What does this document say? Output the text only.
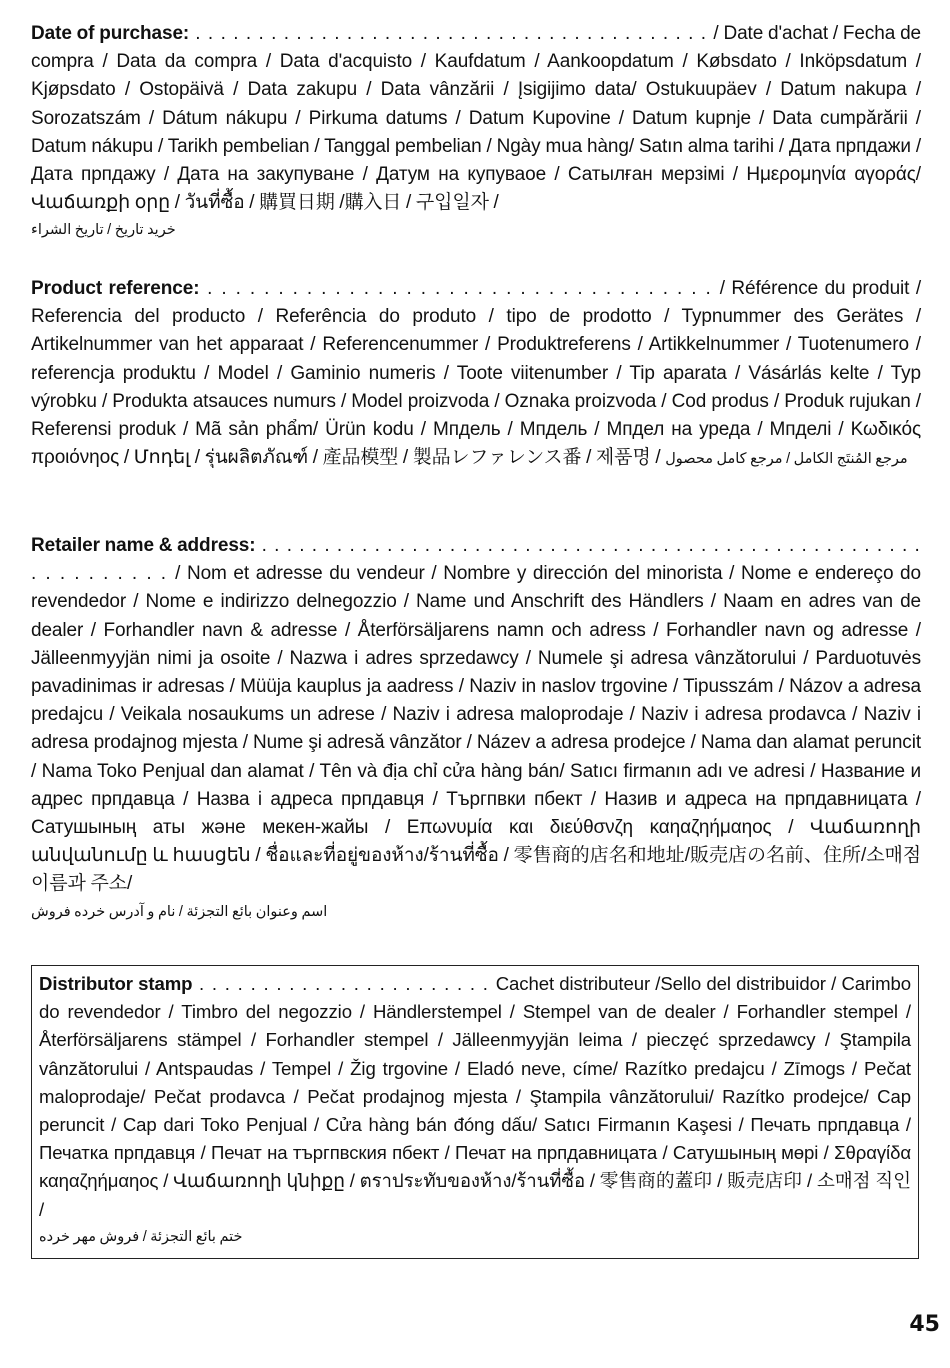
Date of purchase: . . . . . . . . . . . . . . . . . . . . . . . . . . . . . . . . . . . . . . . . . / Date d'achat / Fecha de compra / Data da compra / Data d'acquisto / Kaufdatum / Aankoopdatum / Købsdato / Inköpsdatum / Kjøpsdato / Ostopäivä / Data zakupu / Data vânzării / Įsigijimo data/ Ostukuupäev / Datum nakupa / Sorozatszám / Dátum nákupu / Pirkuma datums / Datum Kupovine / Datum kupnje / Data cumpărării / Datum nákupu / Tarikh pembelian / Tanggal pembelian / Ngày mua hàng/ Satın alma tarihi / Дата прпдажи / Дата прпдажу / Дата на закупуване / Датум на купуваое / Сатылған мерзімі / Ημερομηνία αγοράς/ Վաճառքի օրը / วันที่ซื้อ / 購買日期 /購入日 / 구입일자 /

خريد تاريخ / تاريخ الشراء

Product reference: . . . . . . . . . . . . . . . . . . . . . . . . . . . . . . . . . . . . / Référence du produit / Referencia del producto / Referência do produto / tipo de prodotto / Typnummer des Gerätes / Artikelnummer van het apparaat / Referencenummer / Produktreferens / Artikkelnummer / Tuotenumero / referencja produktu / Model / Gaminio numeris / Toote viitenumber / Tip aparata / Vásárlás kelte / Typ výrobku / Produkta atsauces numurs / Model proizvoda / Oznaka proizvoda / Cod produs / Produk rujukan / Referensi produk / Mã sản phẩm/ Ürün kodu / Мпдель / Мпдель / Мпдел на уреда / Мпделі / Κωδικός προιόνηος / Մոդել / รุ่นผลิตภัณฑ์ / 產品模型 / 製品レファレンス番 / 제품명 / مرجع المُنتَج الكامل / مرجع کامل محصول

Retailer name & address: . . . . . . . . . . . . . . . . . . . . . . . . . . . . . . . . . . . . . . . . . . . . . . . . . . . . . . . . . . . . . . . / Nom et adresse du vendeur / Nombre y dirección del minorista / Nome e endereço do revendedor / Nome e indirizzo delnegozzio / Name und Anschrift des Händlers / Naam en adres van de dealer / Forhandler navn & adresse / Återförsäljarens namn och adress / Forhandler navn og adresse / Jälleenmyyjän nimi ja osoite / Nazwa i adres sprzedawcy / Numele şi adresa vânzătorului / Parduotuvės pavadinimas ir adresas / Müüja kauplus ja aadress / Naziv in naslov trgovine / Tipusszám / Názov a adresa predajcu / Veikala nosaukums un adrese / Naziv i adresa maloprodaje / Naziv i adresa prodavca / Naziv i adresa prodajnog mjesta / Nume şi adresă vânzător / Název a adresa prodejce / Nama dan alamat peruncit / Nama Toko Penjual dan alamat / Tên và địa chỉ cửa hàng bán/ Satıcı firmanın adı ve adresi / Название и адрес прпдавца / Назва і адреса прпдавця / Търгпвки пбект / Назив и адреса на прпдавницата / Сатушының аты және мекен-жайы / Επωνυμία και διεύθσνζη καηαζηήμαηος / Վաճառողի անվանումը և հասցեն / ชื่อและที่อยู่ของห้าง/ร้านที่ซื้อ / 零售商的店名和地址/販売店の名前、住所/소매점 이름과 주소/

اسم وعنوان بائع التجزئة / نام و آدرس خرده فروش

Distributor stamp . . . . . . . . . . . . . . . . . . . . . . . Cachet distributeur /Sello del distribuidor / Carimbo do revendedor / Timbro del negozzio / Händlerstempel / Stempel van de dealer / Forhandler stempel / Återförsäljarens stämpel / Forhandler stempel / Jälleenmyyjän leima / pieczęć sprzedawcy / Ştampila vânzătorului / Antspaudas / Tempel / Žig trgovine / Eladó neve, címe/ Razítko predajcu / Zīmogs / Pečat maloprodaje/ Pečat prodavca / Pečat prodajnog mjesta / Ştampila vânzătorului/ Razítko prodejce/ Cap peruncit / Cap dari Toko Penjual / Cửa hàng bán đóng dấu/ Satıcı Firmanın Kaşesi / Печать прпдавца / Печатка прпдавця / Печат на търгпвския пбект / Печат на прпдавницата / Сатушының мөрі / Σθραγίδα καηαζηήμαηος / Վաճառողի կնիքը / ตราประทับของห้าง/ร้านที่ซื้อ / 零售商的蓋印 / 販売店印 / 소매점 직인 /

ختم بائع التجزئة / فروش مهر خرده

45
